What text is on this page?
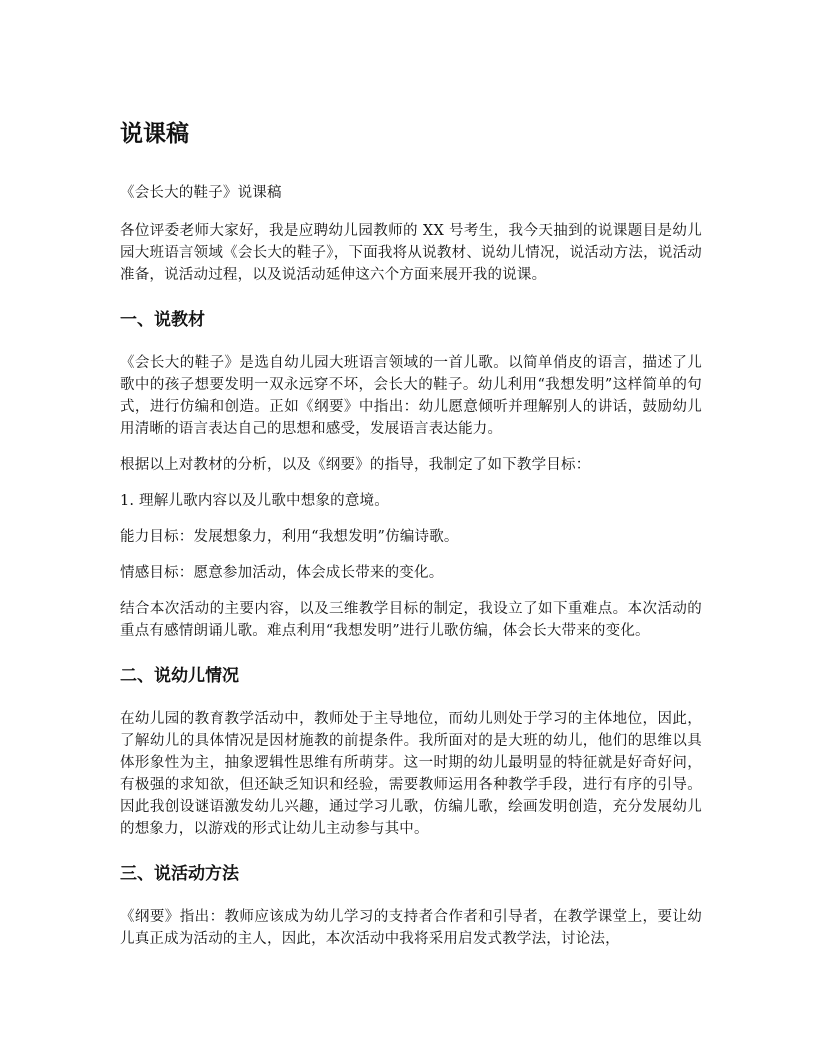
说课稿

《会长大的鞋子》说课稿

各位评委老师大家好，我是应聘幼儿园教师的 XX 号考生，我今天抽到的说课题目是幼儿园大班语言领域《会长大的鞋子》，下面我将从说教材、说幼儿情况，说活动方法，说活动准备，说活动过程，以及说活动延伸这六个方面来展开我的说课。

一、说教材

《会长大的鞋子》是选自幼儿园大班语言领域的一首儿歌。以简单俏皮的语言，描述了儿歌中的孩子想要发明一双永远穿不坏，会长大的鞋子。幼儿利用“我想发明”这样简单的句式，进行仿编和创造。正如《纲要》中指出：幼儿愿意倾听并理解别人的讲话，鼓励幼儿用清晰的语言表达自己的思想和感受，发展语言表达能力。

根据以上对教材的分析，以及《纲要》的指导，我制定了如下教学目标：

1. 理解儿歌内容以及儿歌中想象的意境。

能力目标：发展想象力，利用“我想发明”仿编诗歌。

情感目标：愿意参加活动，体会成长带来的变化。

结合本次活动的主要内容，以及三维教学目标的制定，我设立了如下重难点。本次活动的重点有感情朗诵儿歌。难点利用“我想发明”进行儿歌仿编，体会长大带来的变化。

二、说幼儿情况

在幼儿园的教育教学活动中，教师处于主导地位，而幼儿则处于学习的主体地位，因此，了解幼儿的具体情况是因材施教的前提条件。我所面对的是大班的幼儿，他们的思维以具体形象性为主，抽象逻辑性思维有所萌芽。这一时期的幼儿最明显的特征就是好奇好问，有极强的求知欲，但还缺乏知识和经验，需要教师运用各种教学手段，进行有序的引导。因此我创设谜语激发幼儿兴趣，通过学习儿歌，仿编儿歌，绘画发明创造，充分发展幼儿的想象力，以游戏的形式让幼儿主动参与其中。

三、说活动方法

《纲要》指出：教师应该成为幼儿学习的支持者合作者和引导者，在教学课堂上，要让幼儿真正成为活动的主人，因此，本次活动中我将采用启发式教学法，讨论法，
